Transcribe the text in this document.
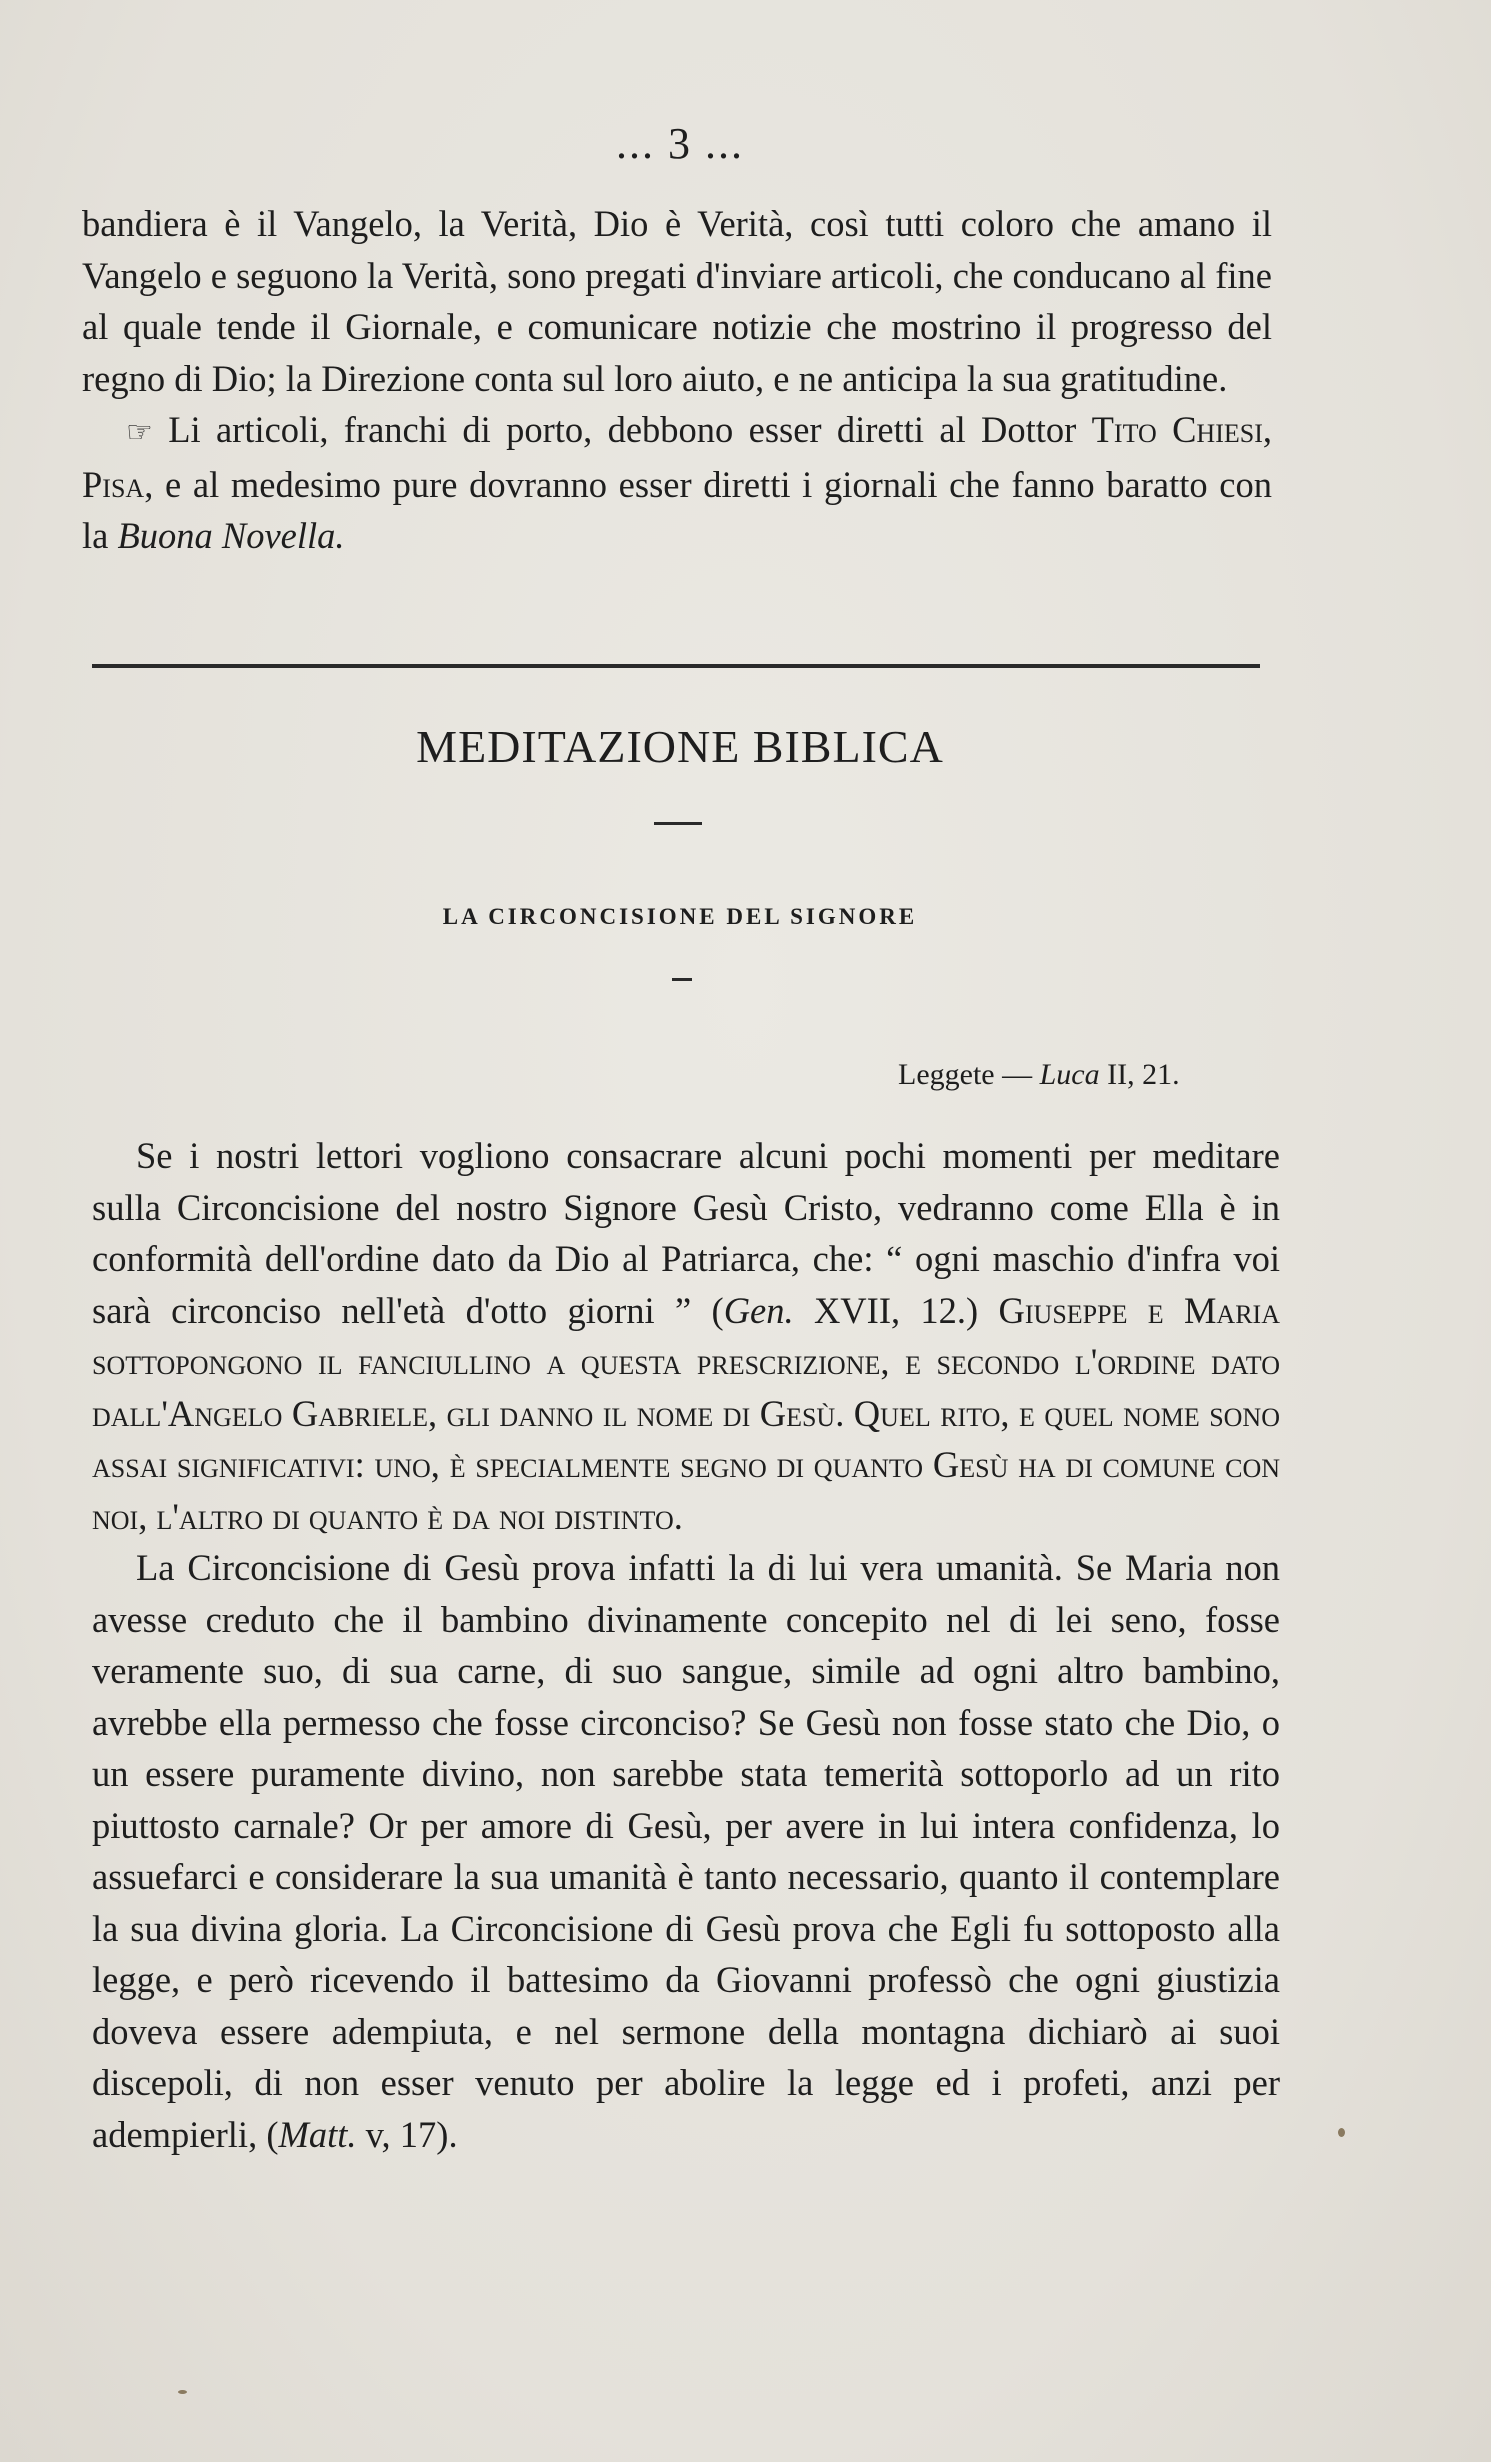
... 3 ...

bandiera è il Vangelo, la Verità, Dio è Verità, così tutti coloro che amano il Vangelo e seguono la Verità, sono pregati d'inviare articoli, che conducano al fine al quale tende il Giornale, e comunicare notizie che mostrino il progresso del regno di Dio; la Direzione conta sul loro aiuto, e ne anticipa la sua gratitudine.

☞ Li articoli, franchi di porto, debbono esser diretti al Dottor Tito Chiesi, Pisa, e al medesimo pure dovranno esser diretti i giornali che fanno baratto con la Buona Novella.

MEDITAZIONE BIBLICA
LA CIRCONCISIONE DEL SIGNORE
Leggete — Luca II, 21.

Se i nostri lettori vogliono consacrare alcuni pochi momenti per meditare sulla Circoncisione del nostro Signore Gesù Cristo, vedranno come Ella è in conformità dell'ordine dato da Dio al Patriarca, che: “ ogni maschio d'infra voi sarà circonciso nell'età d'otto giorni ” (Gen. XVII, 12.) Giuseppe e Maria sottopongono il fanciullino a questa prescrizione, e secondo l'ordine dato dall'Angelo Gabriele, gli danno il nome di Gesù. Quel rito, e quel nome sono assai significativi: uno, è specialmente segno di quanto Gesù ha di comune con noi, l'altro di quanto è da noi distinto.

La Circoncisione di Gesù prova infatti la di lui vera umanità. Se Maria non avesse creduto che il bambino divinamente concepito nel di lei seno, fosse veramente suo, di sua carne, di suo sangue, simile ad ogni altro bambino, avrebbe ella permesso che fosse circonciso? Se Gesù non fosse stato che Dio, o un essere puramente divino, non sarebbe stata temerità sottoporlo ad un rito piuttosto carnale? Or per amore di Gesù, per avere in lui intera confidenza, lo assuefarci e considerare la sua umanità è tanto necessario, quanto il contemplare la sua divina gloria. La Circoncisione di Gesù prova che Egli fu sottoposto alla legge, e però ricevendo il battesimo da Giovanni professò che ogni giustizia doveva essere adempiuta, e nel sermone della montagna dichiarò ai suoi discepoli, di non esser venuto per abolire la legge ed i profeti, anzi per adempierli, (Matt. v, 17).
